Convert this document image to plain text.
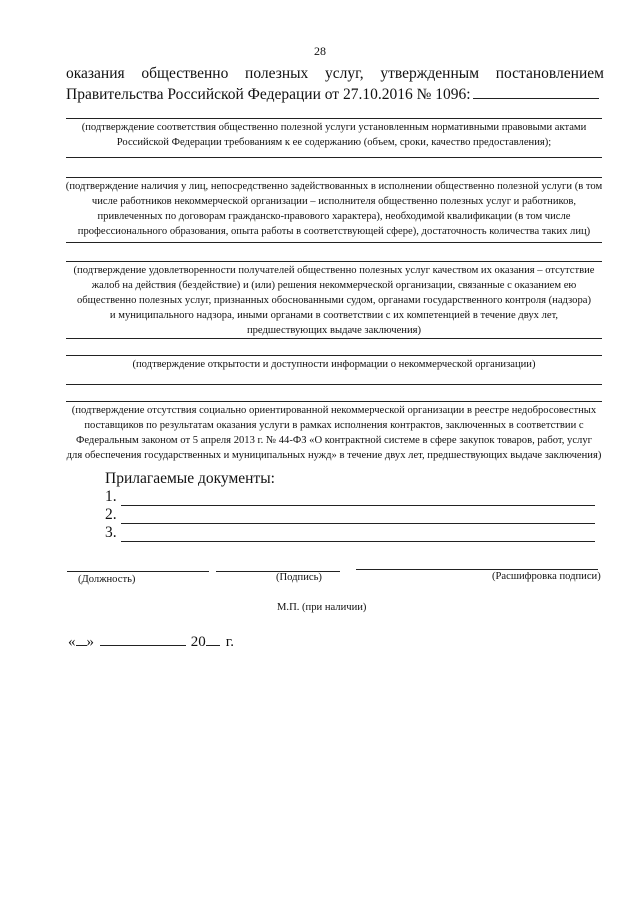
28
оказания общественно полезных услуг, утвержденным постановлением
Правительства Российской Федерации от 27.10.2016 № 1096:
(подтверждение соответствия общественно полезной услуги установленным нормативными правовыми актами
Российской Федерации требованиям к ее содержанию (объем, сроки, качество предоставления);
(подтверждение наличия у лиц, непосредственно задействованных в исполнении общественно полезной услуги (в том
числе работников некоммерческой организации – исполнителя общественно полезных услуг и работников,
привлеченных по договорам гражданско-правового характера), необходимой квалификации (в том числе
профессионального образования, опыта работы в соответствующей сфере), достаточность количества таких лиц)
(подтверждение удовлетворенности получателей общественно полезных услуг качеством их оказания – отсутствие
жалоб на действия (бездействие) и (или) решения некоммерческой организации, связанные с оказанием ею
общественно полезных услуг, признанных обоснованными судом, органами государственного контроля (надзора)
и муниципального надзора, иными органами в соответствии с их компетенцией в течение двух лет,
предшествующих выдаче заключения)
(подтверждение открытости и доступности информации о некоммерческой организации)
(подтверждение отсутствия социально ориентированной некоммерческой организации в реестре недобросовестных
поставщиков по результатам оказания услуги в рамках исполнения контрактов, заключенных в соответствии с
Федеральным законом от 5 апреля 2013 г. № 44-ФЗ «О контрактной системе в сфере закупок товаров, работ, услуг
для обеспечения государственных и муниципальных нужд» в течение двух лет, предшествующих выдаче заключения)
Прилагаемые документы:
1.
2.
3.
(Должность)	(Подпись)	(Расшифровка подписи)
М.П. (при наличии)
« »	20 г.
